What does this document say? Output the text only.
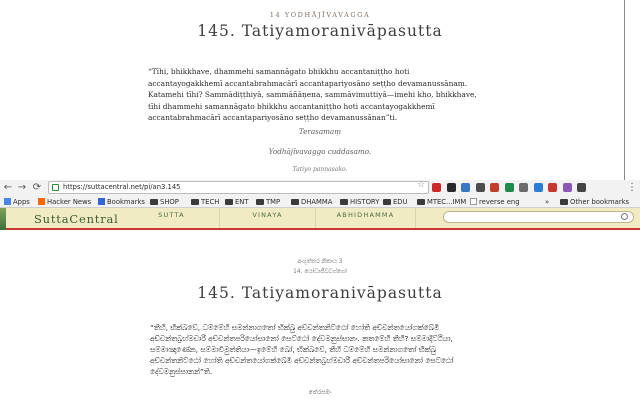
14 YODHĀJĪVAVAGGA
145. Tatiyamoranivāpasutta
“Tīhi, bhikkhave, dhammehi samannāgato bhikkhu accantaniṭṭho hoti accantayogakkhemī accantabrahmacārī accantapariyosāno seṭṭho devamanussānaṃ. Katamehi tīhi? Sammādiṭṭhiyā, sammāñāṇena, sammāvimuttiyā—imehi kho, bhikkhave, tīhi dhammehi samannāgato bhikkhu accantaniṭṭho hoti accantayogakkhemī accantabrahmacārī accantapariyosāno seṭṭho devamanussānan”ti.
Terasamaṃ
Yodhājīvavaggo cuddasamo.
Tatiyo paṇṇasako.
← → ⟳	https://suttacentral.net/pi/an3.145	☆
Apps	Hacker News	Bookmarks	SHOP	TECH	ENT	TMP	DHAMMA	HISTORY	EDU	MTEC...IMM	reverse eng	Other bookmarks
»
⋮
SuttaCentral	SUTTA	VINAYA	ABHIDHAMMA
අංගුත්තර නිකාය 3
14. යෝධාජීවවග්ගෝ
145. Tatiyamoranivāpasutta
“තීහි, භික්ඛවේ, ධම්මේහි සමන්නාගතෝ භික්ඛු අච්චන්තනිට්ඨෝ හෝති අච්චන්තයෝගක්ඛේමී අච්චන්තබ්‍රහ්මචාරී අච්චන්තපරියෝසානෝ සෙට්ඨෝ දේවමනුස්සානං. කතමේහි තීහි? සම්මාදිට්ඨියා, සම්මාඤාණේන, සම්මාවිමුත්තියා—ඉමේහි ඛෝ, භික්ඛවේ, තීහි ධම්මේහි සමන්නාගතෝ භික්ඛු අච්චන්තනිට්ඨෝ හෝති අච්චන්තයෝගක්ඛේමී අච්චන්තබ්‍රහ්මචාරී අච්චන්තපරියෝසානෝ සෙට්ඨෝ දේවමනුස්සානන්”ති.
තේරසමං
